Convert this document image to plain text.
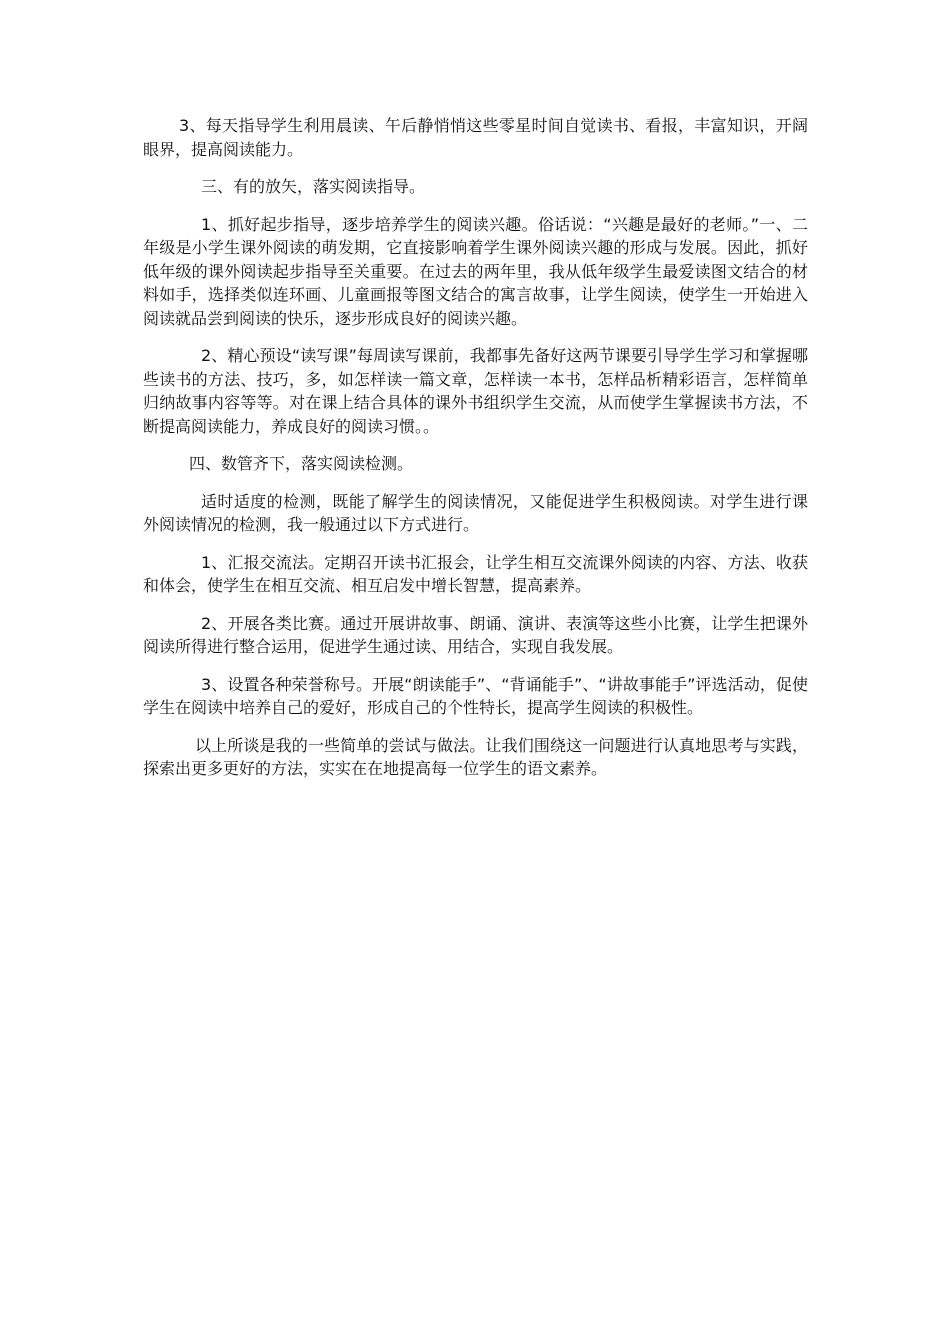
3、每天指导学生利用晨读、午后静悄悄这些零星时间自觉读书、看报，丰富知识，开阔眼界，提高阅读能力。

三、有的放矢，落实阅读指导。

1、抓好起步指导，逐步培养学生的阅读兴趣。俗话说：“兴趣是最好的老师。”一、二年级是小学生课外阅读的萌发期，它直接影响着学生课外阅读兴趣的形成与发展。因此，抓好低年级的课外阅读起步指导至关重要。在过去的两年里，我从低年级学生最爱读图文结合的材料如手，选择类似连环画、儿童画报等图文结合的寓言故事，让学生阅读，使学生一开始进入阅读就品尝到阅读的快乐，逐步形成良好的阅读兴趣。

2、精心预设“读写课”每周读写课前，我都事先备好这两节课要引导学生学习和掌握哪些读书的方法、技巧，多，如怎样读一篇文章，怎样读一本书，怎样品析精彩语言，怎样简单归纳故事内容等等。对在课上结合具体的课外书组织学生交流，从而使学生掌握读书方法，不断提高阅读能力，养成良好的阅读习惯。。

四、数管齐下，落实阅读检测。

适时适度的检测，既能了解学生的阅读情况，又能促进学生积极阅读。对学生进行课外阅读情况的检测，我一般通过以下方式进行。

1、汇报交流法。定期召开读书汇报会，让学生相互交流课外阅读的内容、方法、收获和体会，使学生在相互交流、相互启发中增长智慧，提高素养。

2、开展各类比赛。通过开展讲故事、朗诵、演讲、表演等这些小比赛，让学生把课外阅读所得进行整合运用，促进学生通过读、用结合，实现自我发展。

3、设置各种荣誉称号。开展“朗读能手”、“背诵能手”、“讲故事能手”评选活动，促使学生在阅读中培养自己的爱好，形成自己的个性特长，提高学生阅读的积极性。

以上所谈是我的一些简单的尝试与做法。让我们围绕这一问题进行认真地思考与实践，探索出更多更好的方法，实实在在地提高每一位学生的语文素养。
